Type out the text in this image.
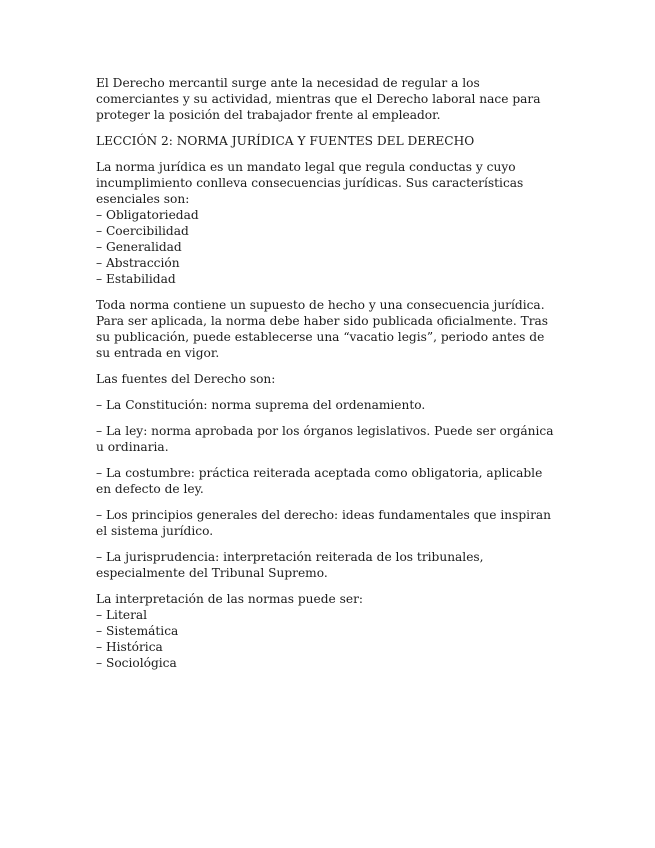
El Derecho mercantil surge ante la necesidad de regular a los comerciantes y su actividad, mientras que el Derecho laboral nace para proteger la posición del trabajador frente al empleador.

LECCIÓN 2: NORMA JURÍDICA Y FUENTES DEL DERECHO

La norma jurídica es un mandato legal que regula conductas y cuyo incumplimiento conlleva consecuencias jurídicas. Sus características esenciales son:

– Obligatoriedad

– Coercibilidad

– Generalidad

– Abstracción

– Estabilidad

Toda norma contiene un supuesto de hecho y una consecuencia jurídica. Para ser aplicada, la norma debe haber sido publicada oficialmente. Tras su publicación, puede establecerse una “vacatio legis”, periodo antes de su entrada en vigor.

Las fuentes del Derecho son:

– La Constitución: norma suprema del ordenamiento.

– La ley: norma aprobada por los órganos legislativos. Puede ser orgánica u ordinaria.

– La costumbre: práctica reiterada aceptada como obligatoria, aplicable en defecto de ley.

– Los principios generales del derecho: ideas fundamentales que inspiran el sistema jurídico.

– La jurisprudencia: interpretación reiterada de los tribunales, especialmente del Tribunal Supremo.

La interpretación de las normas puede ser:

– Literal

– Sistemática

– Histórica

– Sociológica
